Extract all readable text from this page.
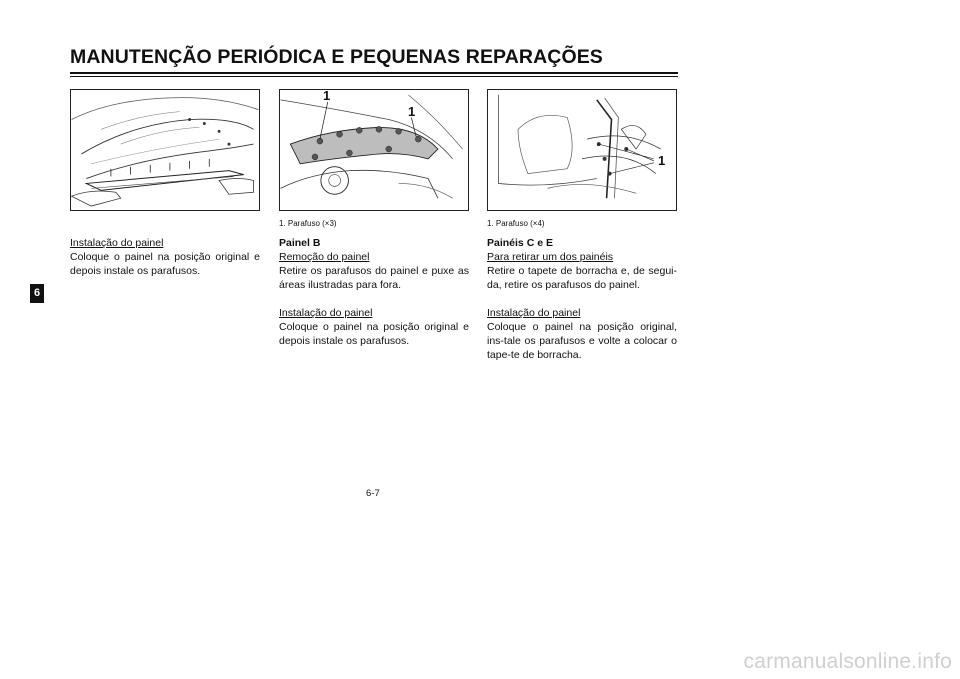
MANUTENÇÃO PERIÓDICA E PEQUENAS REPARAÇÕES
6
1
1
1
1. Parafuso (×3)	1. Parafuso (×4)

Instalação do painel

Coloque o painel na posição original e depois instale os parafusos.

Painel B

Remoção do painel

Retire os parafusos do painel e puxe as áreas ilustradas para fora.

Instalação do painel

Coloque o painel na posição original e depois instale os parafusos.

Painéis C e E

Para retirar um dos painéis

Retire o tapete de borracha e, de segui-da, retire os parafusos do painel.

Instalação do painel

Coloque o painel na posição original, ins-tale os parafusos e volte a colocar o tape-te de borracha.

6-7
carmanualsonline.info
